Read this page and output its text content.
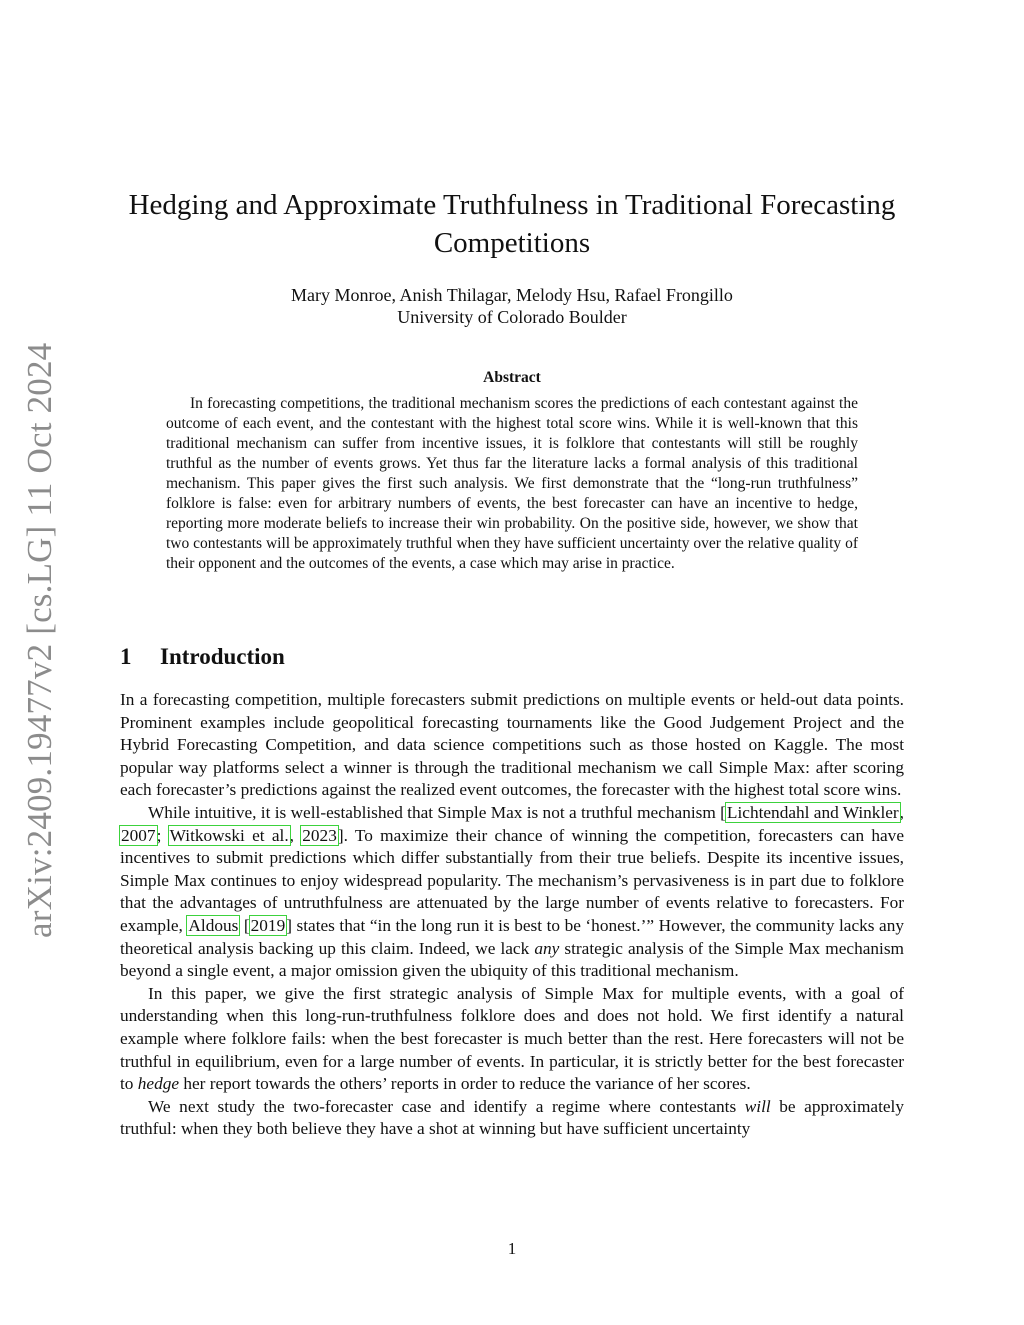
arXiv:2409.19477v2 [cs.LG] 11 Oct 2024
Hedging and Approximate Truthfulness in Traditional Forecasting Competitions
Mary Monroe, Anish Thilagar, Melody Hsu, Rafael Frongillo
University of Colorado Boulder
Abstract

In forecasting competitions, the traditional mechanism scores the predictions of each contestant against the outcome of each event, and the contestant with the highest total score wins. While it is well-known that this traditional mechanism can suffer from incentive issues, it is folklore that contestants will still be roughly truthful as the number of events grows. Yet thus far the literature lacks a formal analysis of this traditional mechanism. This paper gives the first such analysis. We first demonstrate that the “long-run truthfulness” folklore is false: even for arbitrary numbers of events, the best forecaster can have an incentive to hedge, reporting more moderate beliefs to increase their win probability. On the positive side, however, we show that two contestants will be approximately truthful when they have sufficient uncertainty over the relative quality of their opponent and the outcomes of the events, a case which may arise in practice.

1 Introduction

In a forecasting competition, multiple forecasters submit predictions on multiple events or held-out data points. Prominent examples include geopolitical forecasting tournaments like the Good Judgement Project and the Hybrid Forecasting Competition, and data science competitions such as those hosted on Kaggle. The most popular way platforms select a winner is through the traditional mechanism we call Simple Max: after scoring each forecaster’s predictions against the realized event outcomes, the forecaster with the highest total score wins.

While intuitive, it is well-established that Simple Max is not a truthful mechanism [Lichtendahl and Winkler, 2007; Witkowski et al., 2023]. To maximize their chance of winning the competition, forecasters can have incentives to submit predictions which differ substantially from their true beliefs. Despite its incentive issues, Simple Max continues to enjoy widespread popularity. The mechanism’s pervasiveness is in part due to folklore that the advantages of untruthfulness are attenuated by the large number of events relative to forecasters. For example, Aldous [2019] states that “in the long run it is best to be ‘honest.’” However, the community lacks any theoretical analysis backing up this claim. Indeed, we lack any strategic analysis of the Simple Max mechanism beyond a single event, a major omission given the ubiquity of this traditional mechanism.

In this paper, we give the first strategic analysis of Simple Max for multiple events, with a goal of understanding when this long-run-truthfulness folklore does and does not hold. We first identify a natural example where folklore fails: when the best forecaster is much better than the rest. Here forecasters will not be truthful in equilibrium, even for a large number of events. In particular, it is strictly better for the best forecaster to hedge her report towards the others’ reports in order to reduce the variance of her scores.

We next study the two-forecaster case and identify a regime where contestants will be approximately truthful: when they both believe they have a shot at winning but have sufficient uncertainty

1
